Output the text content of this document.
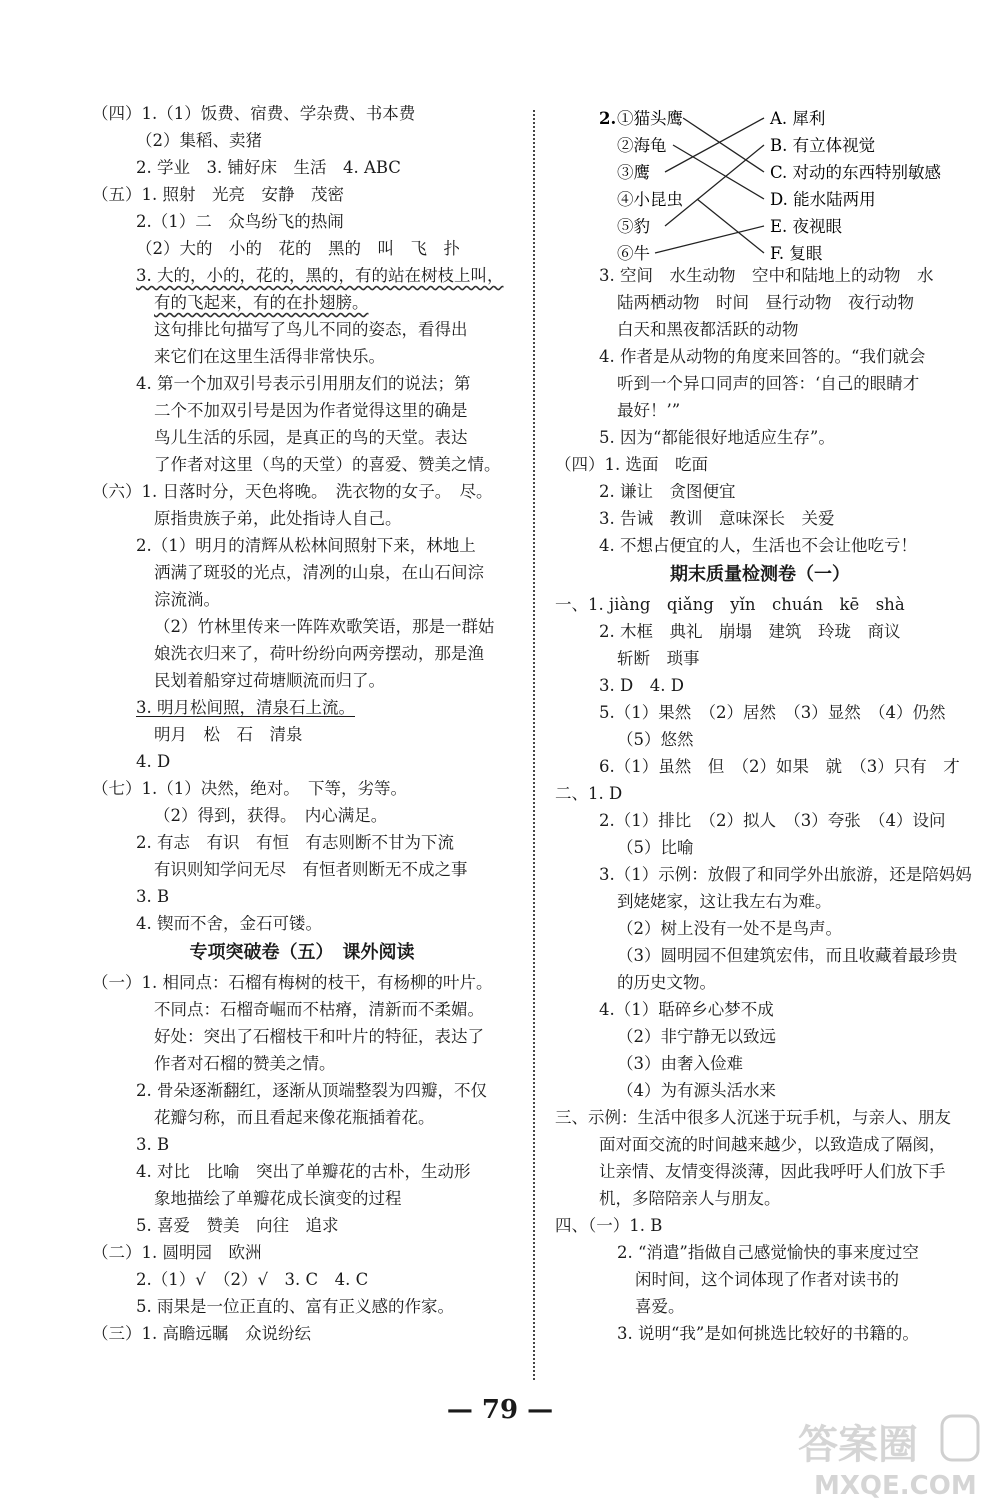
（四）1.（1）饭费、宿费、学杂费、书本费
（2）集稻、卖猪
2. 学业　3. 铺好床　生活　4. ABC
（五）1. 照射　光亮　安静　茂密
2.（1）二　众鸟纷飞的热闹
（2）大的　小的　花的　黑的　叫　飞　扑
3. 大的，小的，花的，黑的，有的站在树枝上叫，
有的飞起来，有的在扑翅膀。
这句排比句描写了鸟儿不同的姿态，看得出
来它们在这里生活得非常快乐。
4. 第一个加双引号表示引用朋友们的说法；第
二个不加双引号是因为作者觉得这里的确是
鸟儿生活的乐园，是真正的鸟的天堂。表达
了作者对这里（鸟的天堂）的喜爱、赞美之情。
（六）1. 日落时分，天色将晚。　洗衣物的女子。　尽。
原指贵族子弟，此处指诗人自己。
2.（1）明月的清辉从松林间照射下来，林地上
洒满了斑驳的光点，清冽的山泉，在山石间淙
淙流淌。
（2）竹林里传来一阵阵欢歌笑语，那是一群姑
娘洗衣归来了，荷叶纷纷向两旁摆动，那是渔
民划着船穿过荷塘顺流而归了。
3. 明月松间照，清泉石上流。
明月　松　石　清泉
4. D
（七）1.（1）决然，绝对。　下等，劣等。
（2）得到，获得。　内心满足。
2. 有志　有识　有恒　有志则断不甘为下流
有识则知学问无尽　有恒者则断无不成之事
3. B
4. 锲而不舍，金石可镂。
专项突破卷（五）　课外阅读
（一）1. 相同点：石榴有梅树的枝干，有杨柳的叶片。
不同点：石榴奇崛而不枯瘠，清新而不柔媚。
好处：突出了石榴枝干和叶片的特征，表达了
作者对石榴的赞美之情。
2. 骨朵逐渐翻红，逐渐从顶端整裂为四瓣，不仅
花瓣匀称，而且看起来像花瓶插着花。
3. B
4. 对比　比喻　突出了单瓣花的古朴，生动形
象地描绘了单瓣花成长演变的过程
5. 喜爱　赞美　向往　追求
（二）1. 圆明园　欧洲
2.（1）√　（2）√　3. C　4. C
5. 雨果是一位正直的、富有正义感的作家。
（三）1. 高瞻远瞩　众说纷纭
2. ①猫头鹰
②海龟
③鹰
④小昆虫
⑤豹
⑥牛
A. 犀利
B. 有立体视觉
C. 对动的东西特别敏感
D. 能水陆两用
E. 夜视眼
F. 复眼
3. 空间　水生动物　空中和陆地上的动物　水
陆两栖动物　时间　昼行动物　夜行动物
白天和黑夜都活跃的动物
4. 作者是从动物的角度来回答的。“我们就会
听到一个异口同声的回答：‘自己的眼睛才
最好！’”
5. 因为“都能很好地适应生存”。
（四）1. 选面　吃面
2. 谦让　贪图便宜
3. 告诫　教训　意味深长　关爱
4. 不想占便宜的人，生活也不会让他吃亏！
期末质量检测卷（一）
一、1. jiàng　qiǎng　yǐn　chuán　kē　shà
2. 木框　典礼　崩塌　建筑　玲珑　商议
斩断　琐事
3. D　4. D
5.（1）果然　（2）居然　（3）显然　（4）仍然
（5）悠然
6.（1）虽然　但　（2）如果　就　（3）只有　才
二、1. D
2.（1）排比　（2）拟人　（3）夸张　（4）设问
（5）比喻
3.（1）示例：放假了和同学外出旅游，还是陪妈妈
到姥姥家，这让我左右为难。
（2）树上没有一处不是鸟声。
（3）圆明园不但建筑宏伟，而且收藏着最珍贵
的历史文物。
4.（1）聒碎乡心梦不成
（2）非宁静无以致远
（3）由奢入俭难
（4）为有源头活水来
三、示例：生活中很多人沉迷于玩手机，与亲人、朋友
面对面交流的时间越来越少，以致造成了隔阂，
让亲情、友情变得淡薄，因此我呼吁人们放下手
机，多陪陪亲人与朋友。
四、（一）1. B
2. “消遣”指做自己感觉愉快的事来度过空
闲时间，这个词体现了作者对读书的
喜爱。
3. 说明“我”是如何挑选比较好的书籍的。
— 79 —
答案圈
MXQE.COM
